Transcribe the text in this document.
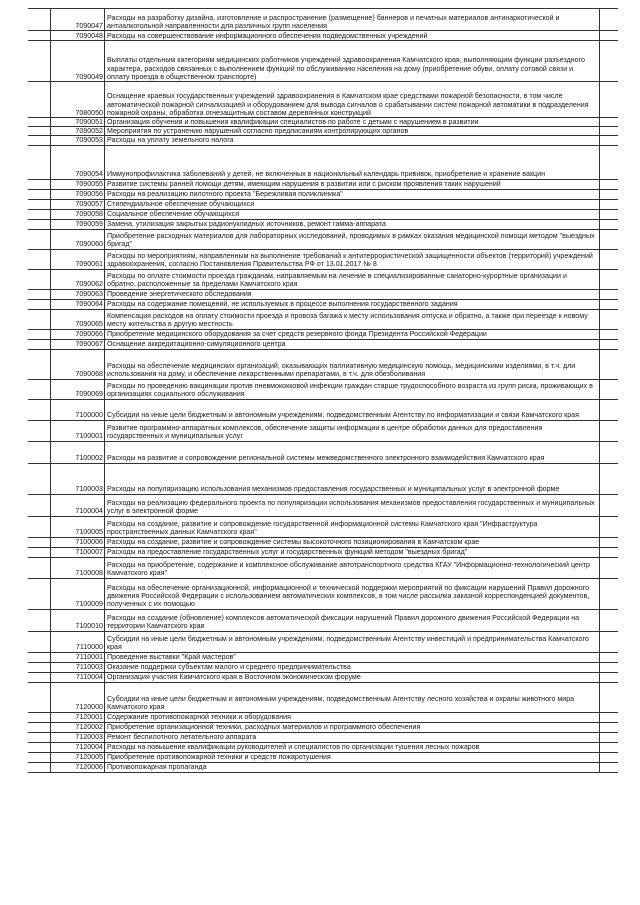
	7090047	Расходы на разработку дизайна, изготовление и распространение (размещение) баннеров и печатных материалов антинаркотической и антиалкогольной направленности для различных групп населения	
	7090048	Расходы на совершенствование информационного обеспечения подведомственных учреждений	
	7090049	Выплаты отдельным категориям медицинских работников учреждений здравоохранения Камчатского края, выполняющим функции разъездного характера, расходов связанных с выполнением функций по обслуживанию населения на дому (приобретение обуви, оплату сотовой связи и оплату проезда в общественном транспорте)	
	7080050	Оснащение краевых государственных учреждений здравоохранения в Камчатском крае средствами пожарной безопасности, в том числе автоматической пожарной сигнализацией и оборудованием для вывода сигналов о срабатывании систем пожарной автоматики в подразделения пожарной охраны, обработка огнезащитным составом деревянных конструкций	
	7090051	Организация обучения и повышения квалификации специалистов по работе с детьми с нарушением в развитии	
	7090052	Мероприятия по устранению нарушений согласно предписаниям контролирующих органов	
	7090053	Расходы на уплату земельного налога	
	7090054	Иммунопрофилактика заболеваний у детей, не включенных в национальный календарь прививок, приобретение и хранение вакцин	
	7090055	Развитие системы ранней помощи детям, имеющим нарушения в развитии или с риском проявления таких нарушений	
	7090056	Расходы на реализацию пилотного проекта "Бережливая поликлиника"	
	7090057	Стипендиальное обеспечение обучающихся	
	7090058	Социальное обеспечение обучающихся	
	7090059	Замена, утилизация закрытых радионуклидных источников, ремонт гамма-аппарата	
	7090060	Приобретение расходных материалов для лабораторных исследований, проводимых в рамках оказания медицинской помощи методом "выездных бригад"	
	7090061	Расходы по мероприятиям, направленным на выполнение требований к антитеррористической защищенности объектов (территорий) учреждений здравоохранения, согласно Постановления Правительства РФ от 13.01.2017 № 8	
	7090062	Расходы по оплате стоимости проезда гражданам, направляемым на лечение в специализированные санаторно-курортные организации и обратно, расположенные за пределами Камчатского края	
	7090063	Проведение энергетического обследования	
	7090064	Расходы на содержание помещений, не используемых в процессе выполнения государственного задания	
	7090065	Компенсация расходов на оплату стоимости проезда и провоза багажа к месту использования отпуска и обратно, а также при переезде к новому месту жительства в другую местность	
	7090066	Приобретение медицинского оборудования за счет средств резервного фонда Президента Российской Федерации	
	7090067	Оснащение аккредитационно-симуляционного центра	
	7090068	Расходы на обеспечение медицинских организаций, оказывающих паллиативную медицинскую помощь, медицинскими изделиями, в т.ч. для использования на дому, и обеспечение лекарственными препаратами, в т.ч. для обезболивания	
	7090069	Расходы по проведению вакцинации против пневмококковой инфекции граждан старше трудоспособного возраста из групп риска, проживающих в организациях социального обслуживания	
	7100000	Субсидии на иные цели бюджетным и автономным учреждениям, подведомственным Агентству по информатизации и связи Камчатского края	
	7100001	Развитие программно-аппаратных комплексов, обеспечение защиты информации в центре обработки данных для предоставления государственных и муниципальных услуг	
	7100002	Расходы на развитие и сопровождение региональной системы межведомственного электронного взаимодействия Камчатского края	
	7100003	Расходы на популяризацию использования механизмов предоставления государственных и муниципальных услуг в электронной форме	
	7100004	Расходы на реализацию федерального проекта по популяризации использования механизмов предоставления государственных и муниципальных услуг в электронной форме	
	7100005	Расходы на создание, развитие и сопровождение государственной информационной системы Камчатского края "Инфраструктура пространственных данных Камчатского края"	
	7100006	Расходы на создание, развитие и сопровождение системы высокоточного позиционирования в Камчатском крае	
	7100007	Расходы на предоставление государственных услуг и государственных функций методом "выездных бригад"	
	7100008	Расходы на приобретение, содержание и комплексное обслуживание автотранспортного средства КГАУ "Информационно-технологический центр Камчатского края"	
	7100009	Расходы на обеспечение организационной, информационной и технической поддержки мероприятий по фиксации нарушений Правил дорожного движения Российской Федерации с использованием автоматических комплексов, в том числе рассылка заказной корреспонденцией документов, полученных с их помощью	
	7100010	Расходы на создание (обновление) комплексов автоматической фиксации нарушений Правил дорожного движения Российской Федерации на территории Камчатского края	
	7110000	Субсидии на иные цели бюджетным и автономным учреждениям, подведомственным Агентству инвестиций и предпринимательства Камчатского края	
	7110001	Проведение выставки "Край мастеров"	
	7110003	Оказание поддержки субъектам малого и среднего предпринимательства	
	7110004	Организация участия Камчатского края в Восточном экономическом форуме	
	7120000	Субсидии на иные цели бюджетным и автономным учреждениям, подведомственным Агентству лесного хозяйства и охраны животного мира Камчатского края	
	7120001	Содержание противопожарной техники и оборудования	
	7120002	Приобретение организационной техники, расходных материалов и программного обеспечения	
	7120003	Ремонт беспилотного летательного аппарата	
	7120004	Расходы на повышение квалификации руководителей и специалистов по организации тушения лесных пожаров	
	7120005	Приобретение противопожарной техники и средств пожаротушения	
	7120006	Противопожарная пропаганда	
